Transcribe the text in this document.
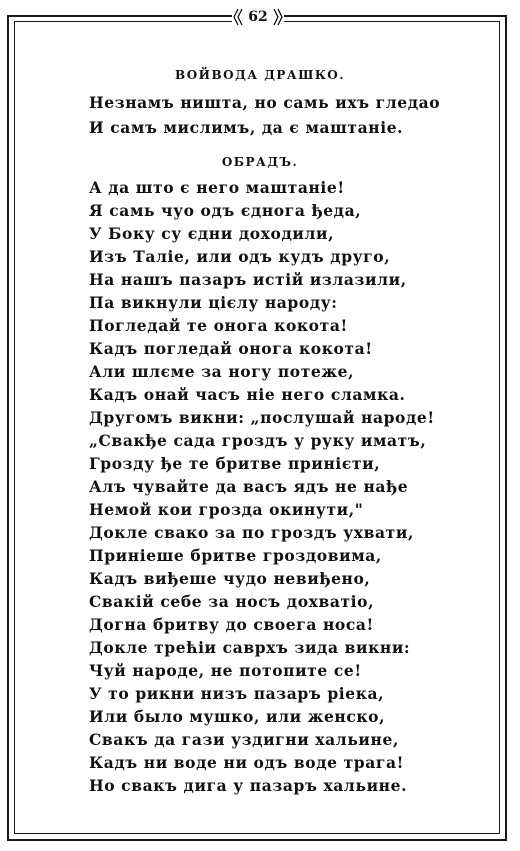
62
ВОЙВОДА ДРАШКО.
Незнамъ ништа, но самь ихъ гледао
И самъ мислимъ, да є маштаніе.
ОБРАДЪ.
А да што є него маштаніе!
Я самь чуо одъ єднога ђеда,
У Боку су єдни доходили,
Изъ Таліе, или одъ кудъ друго,
На нашъ пазаръ истій излазили,
Па викнули цієлу народу:
Погледай те онога кокота!
Кадъ погледай онога кокота!
Али шлєме за ногу потеже,
Кадъ онай часъ ніе него сламка.
Другомъ викни: „послушай народе!
„Свакђе сада гроздъ у руку иматъ,
Грозду ђе те бритве принієти,
Алъ чувайте да васъ ядъ не нађе
Немой кои грозда окинути,"
Докле свако за по гроздъ ухвати,
Приніеше бритве гроздовима,
Кадъ виђеше чудо невиђено,
Свакій себе за носъ дохватіо,
Догна бритву до своега носа!
Докле трећіи саврхъ зида викни:
Чуй народе, не потопите се!
У то рикни низъ пазаръ ріека,
Или было мушко, или женско,
Свакъ да гази уздигни хальине,
Кадъ ни воде ни одъ воде трага!
Но свакъ дига у пазаръ хальине.
